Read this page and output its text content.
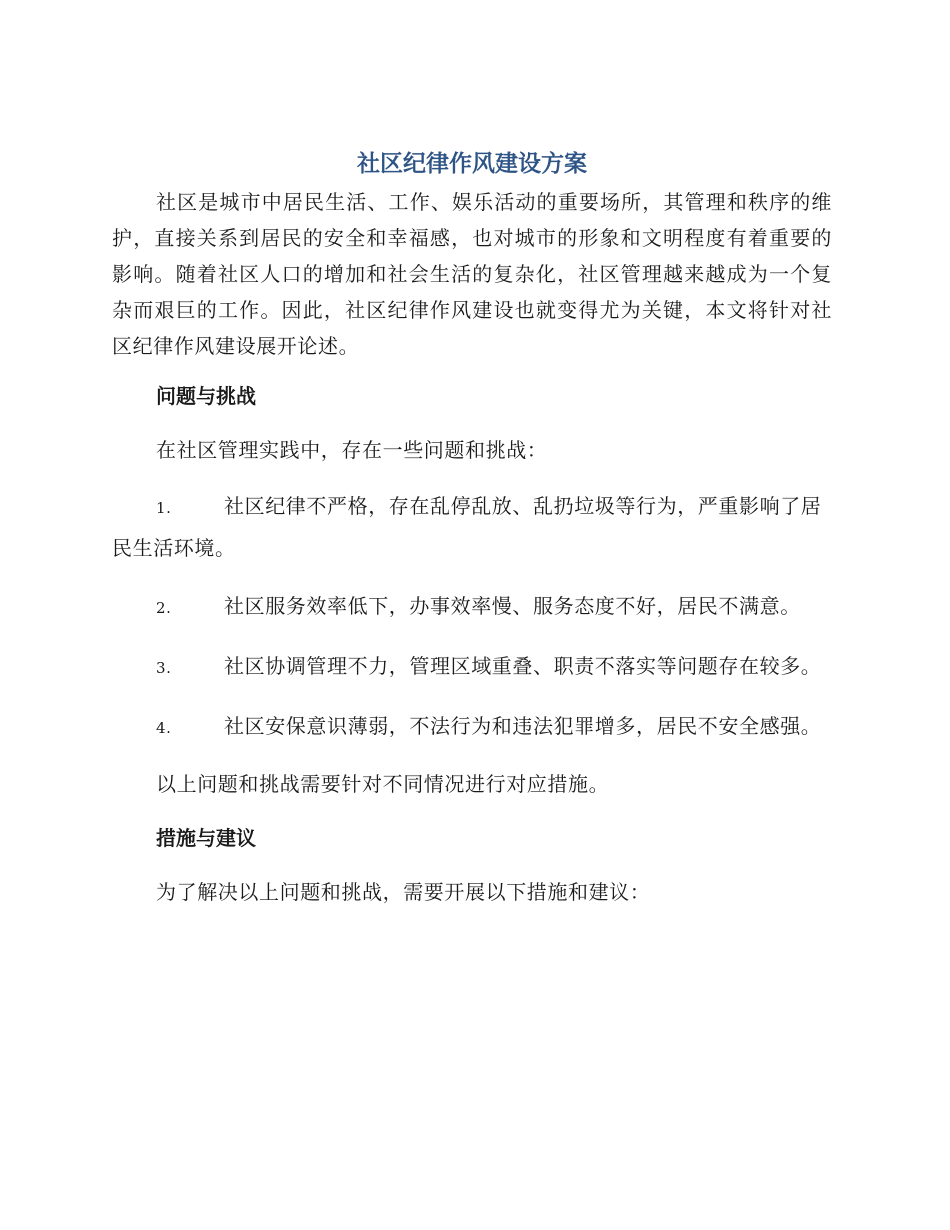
社区纪律作风建设方案

社区是城市中居民生活、工作、娱乐活动的重要场所，其管理和秩序的维护，直接关系到居民的安全和幸福感，也对城市的形象和文明程度有着重要的影响。随着社区人口的增加和社会生活的复杂化，社区管理越来越成为一个复杂而艰巨的工作。因此，社区纪律作风建设也就变得尤为关键，本文将针对社区纪律作风建设展开论述。

问题与挑战

在社区管理实践中，存在一些问题和挑战：

1.	社区纪律不严格，存在乱停乱放、乱扔垃圾等行为，严重影响了居民生活环境。
2.	社区服务效率低下，办事效率慢、服务态度不好，居民不满意。
3.	社区协调管理不力，管理区域重叠、职责不落实等问题存在较多。
4.	社区安保意识薄弱，不法行为和违法犯罪增多，居民不安全感强。

以上问题和挑战需要针对不同情况进行对应措施。

措施与建议

为了解决以上问题和挑战，需要开展以下措施和建议：
